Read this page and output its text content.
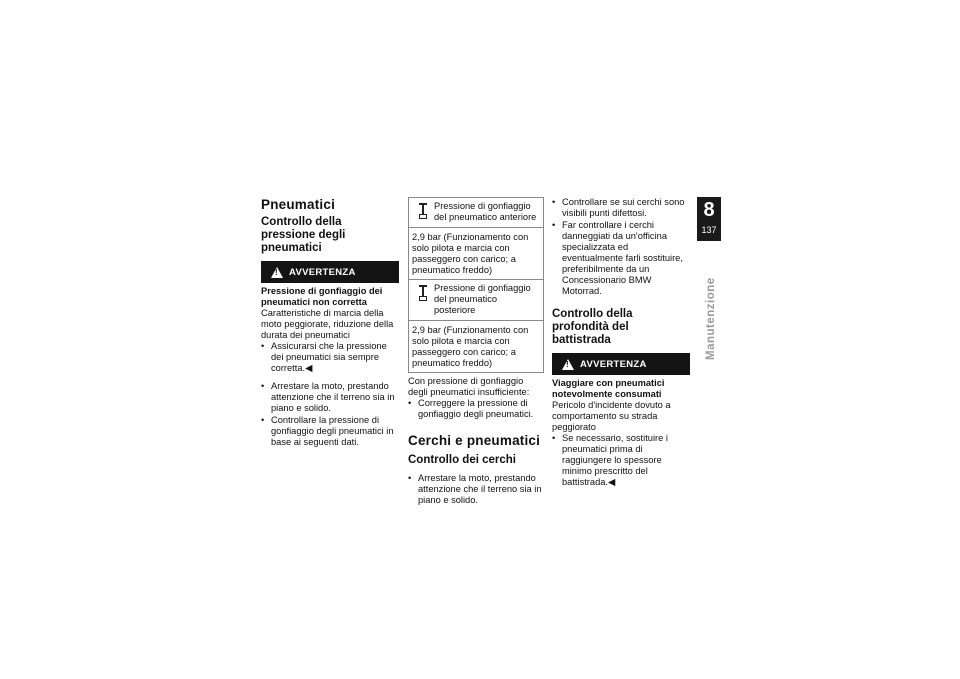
Pneumatici
Controllo della pressione degli pneumatici
!
AVVERTENZA

Pressione di gonfiaggio dei pneumatici non corretta

Caratteristiche di marcia della moto peggiorate, riduzione della durata dei pneumatici

• Assicurarsi che la pressione dei pneumatici sia sempre corretta.◀
• Arrestare la moto, prestando attenzione che il terreno sia in piano e solido.
• Controllare la pressione di gonfiaggio degli pneumatici in base ai seguenti dati.

Pressione di gonfiaggio del pneumatico anteriore

2,9 bar (Funzionamento con solo pilota e marcia con passeggero con carico; a pneumatico freddo)

Pressione di gonfiaggio del pneumatico posteriore

2,9 bar (Funzionamento con solo pilota e marcia con passeggero con carico; a pneumatico freddo)

Con pressione di gonfiaggio degli pneumatici insufficiente:

• Correggere la pressione di gonfiaggio degli pneumatici.
Cerchi e pneumatici
Controllo dei cerchi
• Arrestare la moto, prestando attenzione che il terreno sia in piano e solido.
• Controllare se sui cerchi sono visibili punti difettosi.
• Far controllare i cerchi danneggiati da un'officina specializzata ed eventualmente farli sostituire, preferibilmente da un Concessionario BMW Motorrad.
Controllo della profondità del battistrada
!
AVVERTENZA

Viaggiare con pneumatici notevolmente consumati

Pericolo d'incidente dovuto a comportamento su strada peggiorato

• Se necessario, sostituire i pneumatici prima di raggiungere lo spessore minimo prescritto del battistrada.◀
8
137
Manutenzione
